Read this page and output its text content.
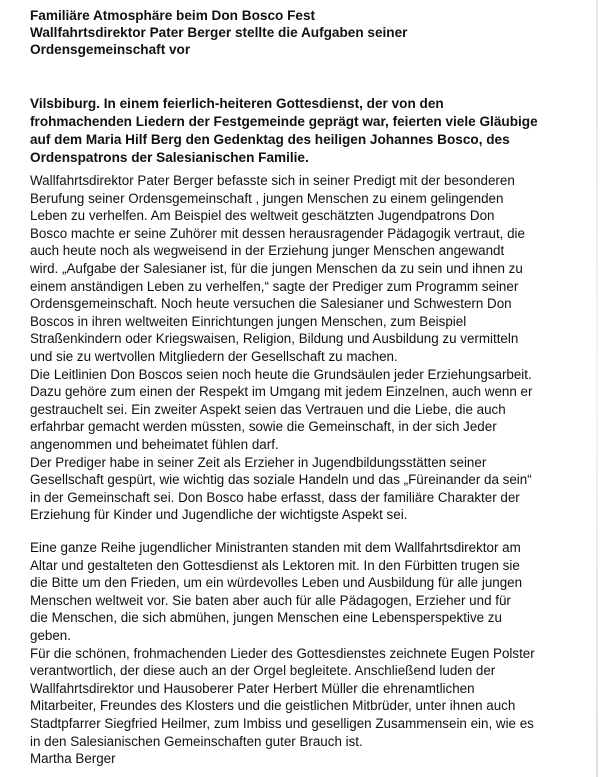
Familiäre Atmosphäre beim Don Bosco Fest
Wallfahrtsdirektor Pater Berger stellte die Aufgaben seiner
Ordensgemeinschaft vor
Vilsbiburg. In einem feierlich-heiteren Gottesdienst, der von den
frohmachenden Liedern der Festgemeinde geprägt war, feierten viele Gläubige
auf dem Maria Hilf Berg den Gedenktag des heiligen Johannes Bosco, des
Ordenspatrons der Salesianischen Familie.
Wallfahrtsdirektor Pater Berger befasste sich in seiner Predigt mit der besonderen
Berufung seiner Ordensgemeinschaft , jungen Menschen zu einem gelingenden
Leben zu verhelfen. Am Beispiel des weltweit geschätzten Jugendpatrons Don
Bosco machte er seine Zuhörer mit dessen herausragender Pädagogik vertraut, die
auch heute noch als wegweisend in der Erziehung junger Menschen angewandt
wird. „Aufgabe der Salesianer ist, für die jungen Menschen da zu sein und ihnen zu
einem anständigen Leben zu verhelfen,“ sagte der Prediger zum Programm seiner
Ordensgemeinschaft. Noch heute versuchen die Salesianer und Schwestern Don
Boscos in ihren weltweiten Einrichtungen jungen Menschen, zum Beispiel
Straßenkindern oder Kriegswaisen, Religion, Bildung und Ausbildung zu vermitteln
und sie zu wertvollen Mitgliedern der Gesellschaft zu machen.
Die Leitlinien Don Boscos seien noch heute die Grundsäulen jeder Erziehungsarbeit.
Dazu gehöre zum einen der Respekt im Umgang mit jedem Einzelnen, auch wenn er
gestrauchelt sei. Ein zweiter Aspekt seien das Vertrauen und die Liebe, die auch
erfahrbar gemacht werden müssten, sowie die Gemeinschaft, in der sich Jeder
angenommen und beheimatet fühlen darf.
Der Prediger habe in seiner Zeit als Erzieher in Jugendbildungsstätten seiner
Gesellschaft gespürt, wie wichtig das soziale Handeln und das „Füreinander da sein“
in der Gemeinschaft sei. Don Bosco habe erfasst, dass der familiäre Charakter der
Erziehung für Kinder und Jugendliche der wichtigste Aspekt sei.
Eine ganze Reihe jugendlicher Ministranten standen mit dem Wallfahrtsdirektor am
Altar und gestalteten den Gottesdienst als Lektoren mit. In den Fürbitten trugen sie
die Bitte um den Frieden, um ein würdevolles Leben und Ausbildung für alle jungen
Menschen weltweit vor. Sie baten aber auch für alle Pädagogen, Erzieher und für
die Menschen, die sich abmühen, jungen Menschen eine Lebensperspektive zu
geben.
Für die schönen, frohmachenden Lieder des Gottesdienstes zeichnete Eugen Polster
verantwortlich, der diese auch an der Orgel begleitete. Anschließend luden der
Wallfahrtsdirektor und Hausoberer Pater Herbert Müller die ehrenamtlichen
Mitarbeiter, Freundes des Klosters und die geistlichen Mitbrüder, unter ihnen auch
Stadtpfarrer Siegfried Heilmer, zum Imbiss und geselligen Zusammensein ein, wie es
in den Salesianischen Gemeinschaften guter Brauch ist.
Martha Berger
